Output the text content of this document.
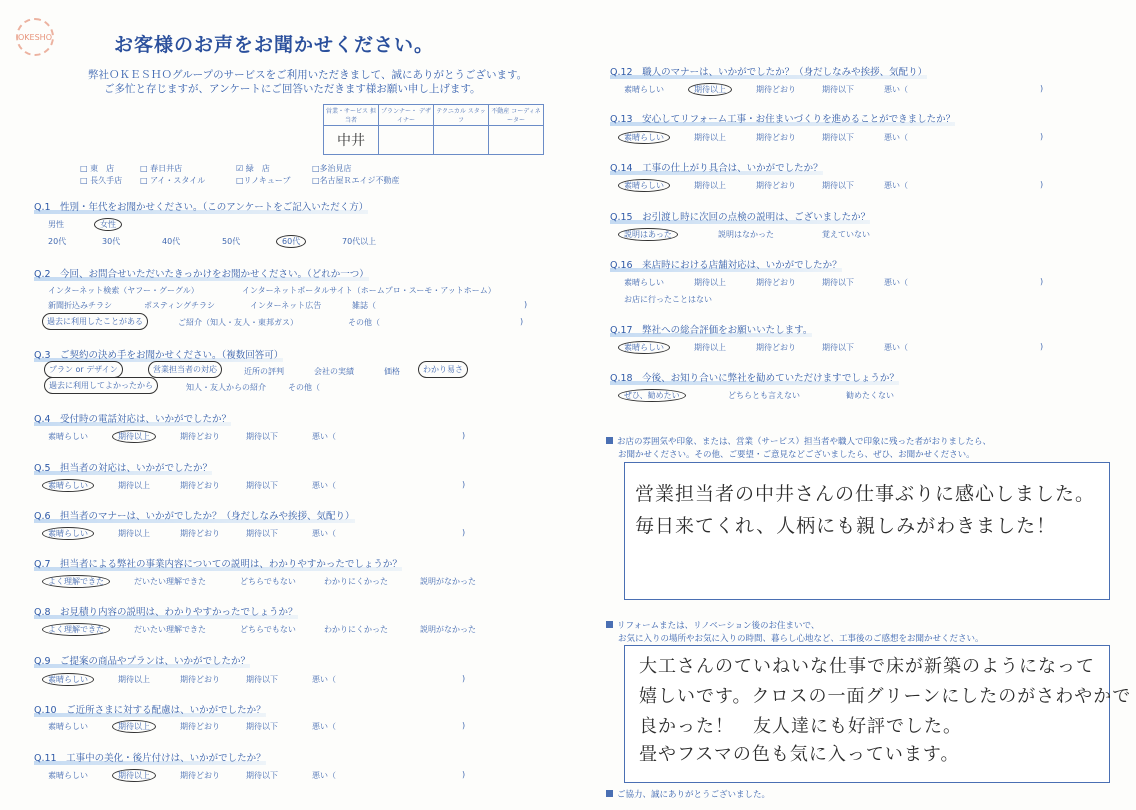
OKESHO	お客様のお声をお聞かせください。
弊社ＯＫＥＳＨＯグループのサービスをご利用いただきまして、誠にありがとうございます。
ご多忙と存じますが、アンケートにご回答いただきます様お願い申し上げます。
営業・サービス 担当者	プランナー・ デザイナー	テクニカル スタッフ	不動産 コーディネーター
中井			
□ 東　店	□ 春日井店	☑ 緑　店	□多治見店
□ 長久手店 □ アイ・スタイル	□リノキューブ	□名古屋Ｒエイジ不動産
Q.1　性別・年代をお聞かせください。（このアンケートをご記入いただく方）
男性	女性
20代	30代	40代	50代	60代	70代以上
Q.2　今回、お問合せいただいたきっかけをお聞かせください。（どれか一つ）
インターネット検索（ヤフー・グーグル）	インターネットポータルサイト（ホームプロ・スーモ・アットホーム）
新聞折込みチラシ	ポスティングチラシ	インターネット広告	雑誌（	)
過去に利用したことがある	ご紹介（知人・友人・東邦ガス）	その他（	)
Q.3　ご契約の決め手をお聞かせください。（複数回答可）
プラン or デザイン	営業担当者の対応	近所の評判	会社の実績	価格	わかり易さ
過去に利用してよかったから	知人・友人からの紹介	その他（
Q.4　受付時の電話対応は、いかがでしたか？
素晴らしい	期待以上	期待どおり	期待以下	悪い（	)
Q.5　担当者の対応は、いかがでしたか？
素晴らしい	期待以上	期待どおり	期待以下	悪い（	)
Q.6　担当者のマナーは、いかがでしたか？（身だしなみや挨拶、気配り）
素晴らしい	期待以上	期待どおり	期待以下	悪い（	)
Q.7　担当者による弊社の事業内容についての説明は、わかりやすかったでしょうか？
よく理解できた	だいたい理解できた	どちらでもない	わかりにくかった	説明がなかった
Q.8　お見積り内容の説明は、わかりやすかったでしょうか？
よく理解できた	だいたい理解できた	どちらでもない	わかりにくかった	説明がなかった
Q.9　ご提案の商品やプランは、いかがでしたか？
素晴らしい	期待以上	期待どおり	期待以下	悪い（	)
Q.10　ご近所さまに対する配慮は、いかがでしたか？
素晴らしい	期待以上	期待どおり	期待以下	悪い（	)
Q.11　工事中の美化・後片付けは、いかがでしたか？
素晴らしい	期待以上	期待どおり	期待以下	悪い（	)
Q.12　職人のマナーは、いかがでしたか？（身だしなみや挨拶、気配り）
素晴らしい	期待以上	期待どおり	期待以下	悪い（	)
Q.13　安心してリフォーム工事・お住まいづくりを進めることができましたか？
素晴らしい	期待以上	期待どおり	期待以下	悪い（	)
Q.14　工事の仕上がり具合は、いかがでしたか？
素晴らしい	期待以上	期待どおり	期待以下	悪い（	)
Q.15　お引渡し時に次回の点検の説明は、ございましたか？
説明はあった	説明はなかった	覚えていない
Q.16　来店時における店舗対応は、いかがでしたか？
素晴らしい	期待以上	期待どおり	期待以下	悪い（	)
お店に行ったことはない
Q.17　弊社への総合評価をお願いいたします。
素晴らしい	期待以上	期待どおり	期待以下	悪い（	)
Q.18　今後、お知り合いに弊社を勧めていただけますでしょうか？
ぜひ、勧めたい	どちらとも言えない	勧めたくない
お店の雰囲気や印象、または、営業（サービス）担当者や職人で印象に残った者がおりましたら、
お聞かせください。その他、ご要望・ご意見などございましたら、ぜひ、お聞かせください。
営業担当者の中井さんの仕事ぶりに感心しました。
毎日来てくれ、人柄にも親しみがわきました！
リフォームまたは、リノベーション後のお住まいで、
お気に入りの場所やお気に入りの時間、暮らし心地など、工事後のご感想をお聞かせください。
大工さんのていねいな仕事で床が新築のようになって
嬉しいです。クロスの一面グリーンにしたのがさわやかで
良かった！　友人達にも好評でした。
畳やフスマの色も気に入っています。
ご協力、誠にありがとうございました。
